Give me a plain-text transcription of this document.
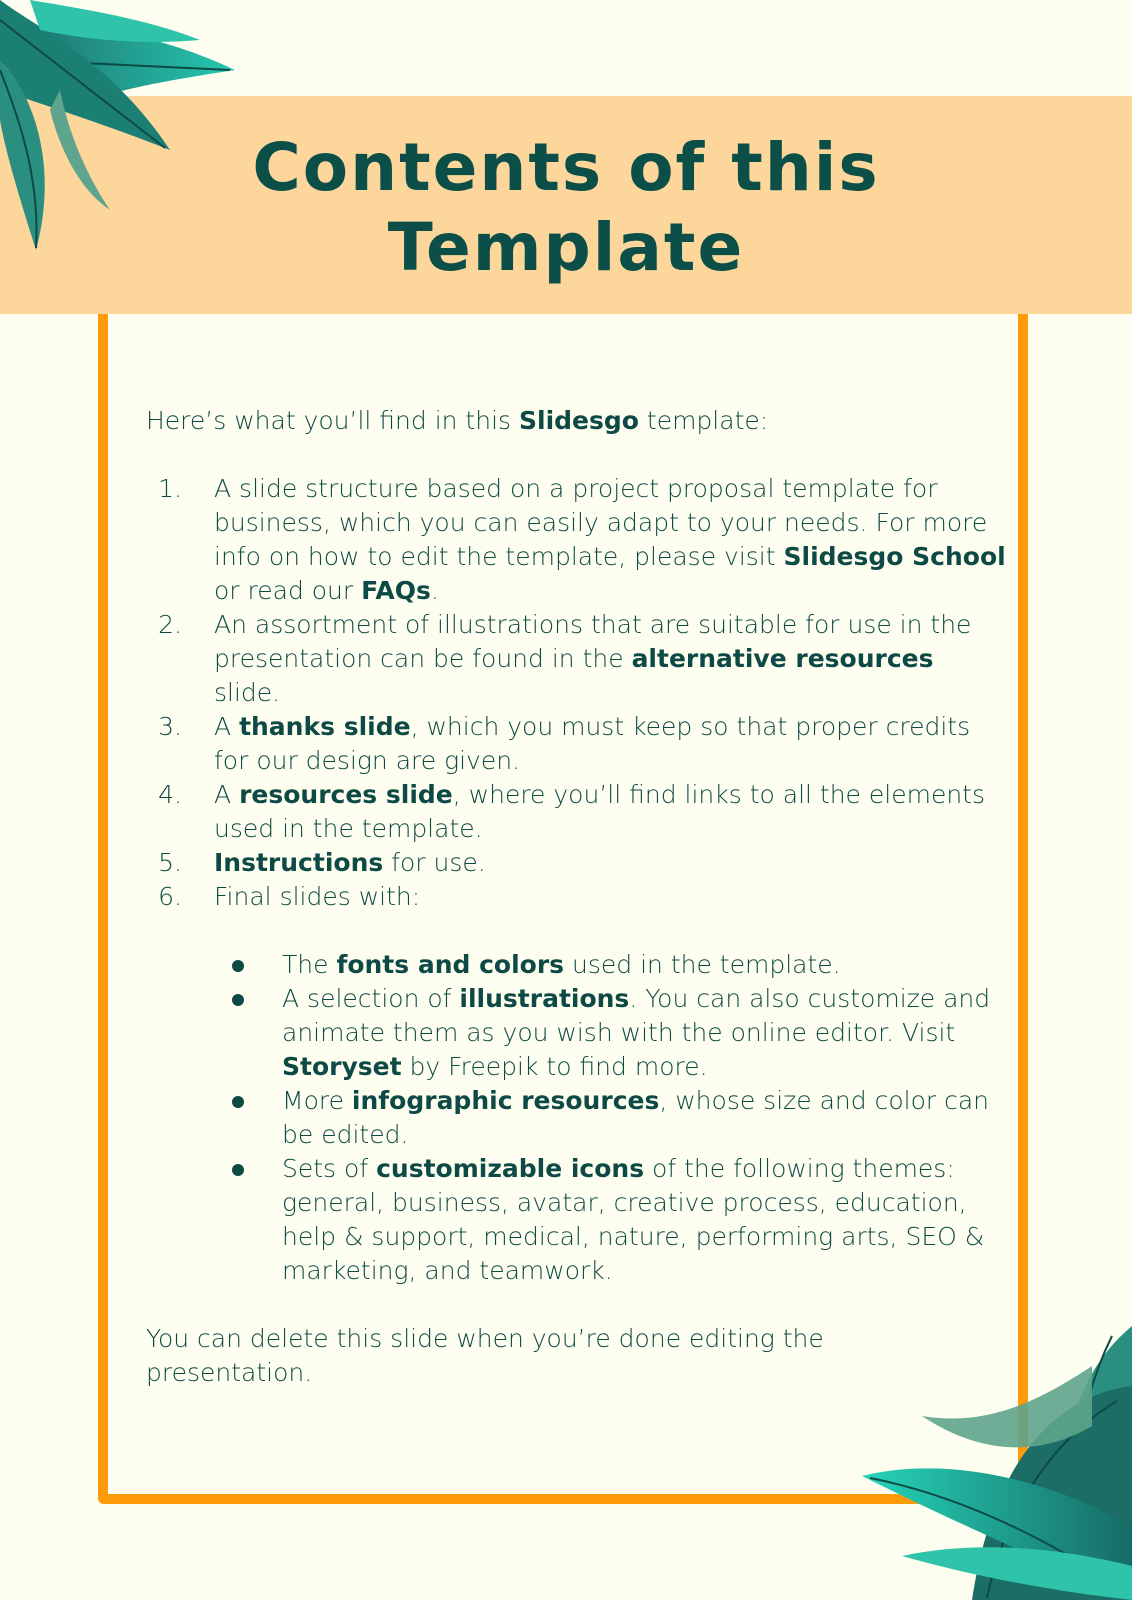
Contents of this
Template

Here’s what you’ll find in this Slidesgo template:

1. A slide structure based on a project proposal template for business, which you can easily adapt to your needs. For more info on how to edit the template, please visit Slidesgo School or read our FAQs.
2. An assortment of illustrations that are suitable for use in the presentation can be found in the alternative resources slide.
3. A thanks slide, which you must keep so that proper credits for our design are given.
4. A resources slide, where you’ll find links to all the elements used in the template.
5. Instructions for use.
6. Final slides with:
The fonts and colors used in the template.
A selection of illustrations. You can also customize and animate them as you wish with the online editor. Visit Storyset by Freepik to find more.
More infographic resources, whose size and color can be edited.
Sets of customizable icons of the following themes: general, business, avatar, creative process, education, help & support, medical, nature, performing arts, SEO & marketing, and teamwork.

You can delete this slide when you’re done editing the presentation.
